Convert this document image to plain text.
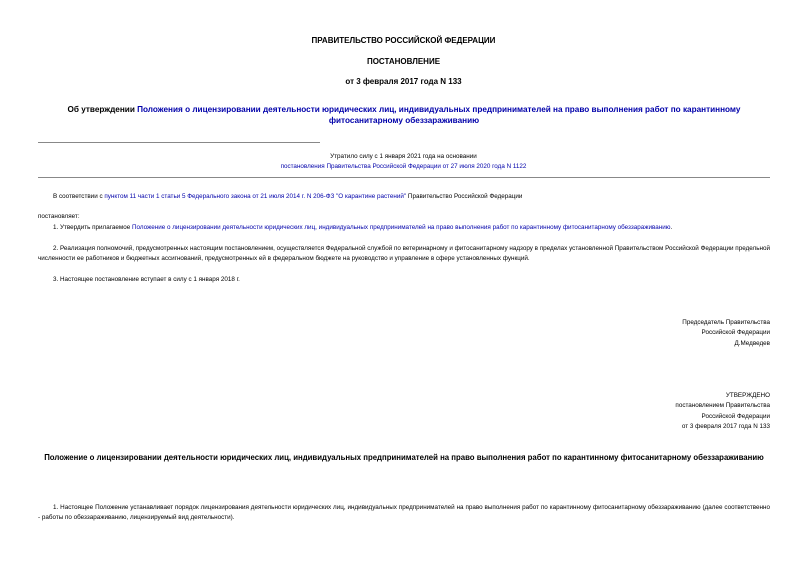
ПРАВИТЕЛЬСТВО РОССИЙСКОЙ ФЕДЕРАЦИИ
ПОСТАНОВЛЕНИЕ
от 3 февраля 2017 года N 133
Об утверждении Положения о лицензировании деятельности юридических лиц, индивидуальных предпринимателей на право выполнения работ по карантинному фитосанитарному обеззараживанию
Утратило силу с 1 января 2021 года на основании
постановления Правительства Российской Федерации от 27 июля 2020 года N 1122
В соответствии с пунктом 11 части 1 статьи 5 Федерального закона от 21 июля 2014 г. N 206-ФЗ "О карантине растений" Правительство Российской Федерации
постановляет:
1. Утвердить прилагаемое Положение о лицензировании деятельности юридических лиц, индивидуальных предпринимателей на право выполнения работ по карантинному фитосанитарному обеззараживанию.
2. Реализация полномочий, предусмотренных настоящим постановлением, осуществляется Федеральной службой по ветеринарному и фитосанитарному надзору в пределах установленной Правительством Российской Федерации предельной численности ее работников и бюджетных ассигнований, предусмотренных ей в федеральном бюджете на руководство и управление в сфере установленных функций.
3. Настоящее постановление вступает в силу с 1 января 2018 г.
Председатель Правительства
Российской Федерации
Д.Медведев
УТВЕРЖДЕНО
постановлением Правительства
Российской Федерации
от 3 февраля 2017 года N 133
Положение о лицензировании деятельности юридических лиц, индивидуальных предпринимателей на право выполнения работ по карантинному фитосанитарному обеззараживанию
1. Настоящее Положение устанавливает порядок лицензирования деятельности юридических лиц, индивидуальных предпринимателей на право выполнения работ по карантинному фитосанитарному обеззараживанию (далее соответственно - работы по обеззараживанию, лицензируемый вид деятельности).
